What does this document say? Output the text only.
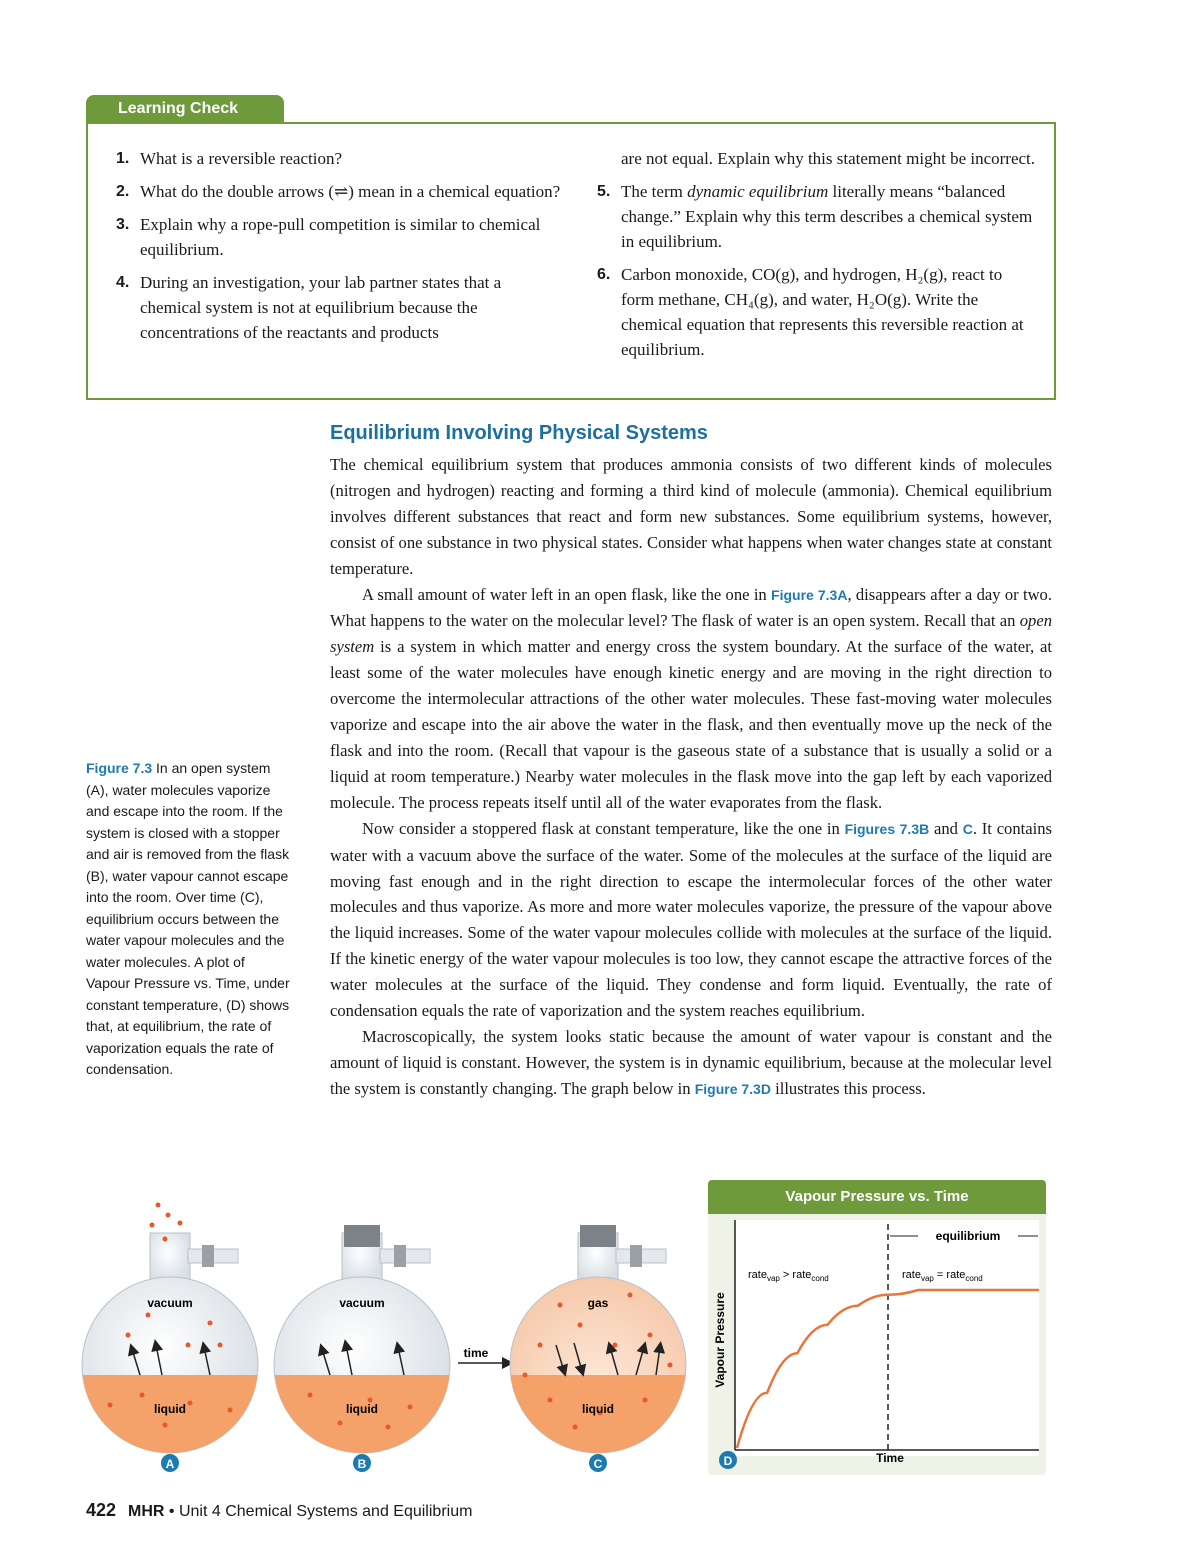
Learning Check
1. What is a reversible reaction?
2. What do the double arrows (⇌) mean in a chemical equation?
3. Explain why a rope-pull competition is similar to chemical equilibrium.
4. During an investigation, your lab partner states that a chemical system is not at equilibrium because the concentrations of the reactants and products
are not equal. Explain why this statement might be incorrect.
5. The term dynamic equilibrium literally means “balanced change.” Explain why this term describes a chemical system in equilibrium.
6. Carbon monoxide, CO(g), and hydrogen, H₂(g), react to form methane, CH₄(g), and water, H₂O(g). Write the chemical equation that represents this reversible reaction at equilibrium.
Equilibrium Involving Physical Systems

The chemical equilibrium system that produces ammonia consists of two different kinds of molecules (nitrogen and hydrogen) reacting and forming a third kind of molecule (ammonia). Chemical equilibrium involves different substances that react and form new substances. Some equilibrium systems, however, consist of one substance in two physical states. Consider what happens when water changes state at constant temperature.

A small amount of water left in an open flask, like the one in Figure 7.3A, disappears after a day or two. What happens to the water on the molecular level? The flask of water is an open system. Recall that an open system is a system in which matter and energy cross the system boundary. At the surface of the water, at least some of the water molecules have enough kinetic energy and are moving in the right direction to overcome the intermolecular attractions of the other water molecules. These fast-moving water molecules vaporize and escape into the air above the water in the flask, and then eventually move up the neck of the flask and into the room. (Recall that vapour is the gaseous state of a substance that is usually a solid or a liquid at room temperature.) Nearby water molecules in the flask move into the gap left by each vaporized molecule. The process repeats itself until all of the water evaporates from the flask.

Now consider a stoppered flask at constant temperature, like the one in Figures 7.3B and C. It contains water with a vacuum above the surface of the water. Some of the molecules at the surface of the liquid are moving fast enough and in the right direction to escape the intermolecular forces of the other water molecules and thus vaporize. As more and more water molecules vaporize, the pressure of the vapour above the liquid increases. Some of the water vapour molecules collide with molecules at the surface of the liquid. If the kinetic energy of the water vapour molecules is too low, they cannot escape the attractive forces of the water molecules at the surface of the liquid. They condense and form liquid. Eventually, the rate of condensation equals the rate of vaporization and the system reaches equilibrium.

Macroscopically, the system looks static because the amount of water vapour is constant and the amount of liquid is constant. However, the system is in dynamic equilibrium, because at the molecular level the system is constantly changing. The graph below in Figure 7.3D illustrates this process.

Figure 7.3 In an open system (A), water molecules vaporize and escape into the room. If the system is closed with a stopper and air is removed from the flask (B), water vapour cannot escape into the room. Over time (C), equilibrium occurs between the water vapour molecules and the water molecules. A plot of Vapour Pressure vs. Time, under constant temperature, (D) shows that, at equilibrium, the rate of vaporization equals the rate of condensation.
vacuum
liquid
A
vacuum
liquid
B
time
gas
liquid
C
Vapour Pressure vs. Time
Vapour Pressure
Time
equilibrium
rate$_{vap}$ > rate$_{cond}$	rate$_{vap}$ = rate$_{cond}$
D
422 MHR • Unit 4 Chemical Systems and Equilibrium
